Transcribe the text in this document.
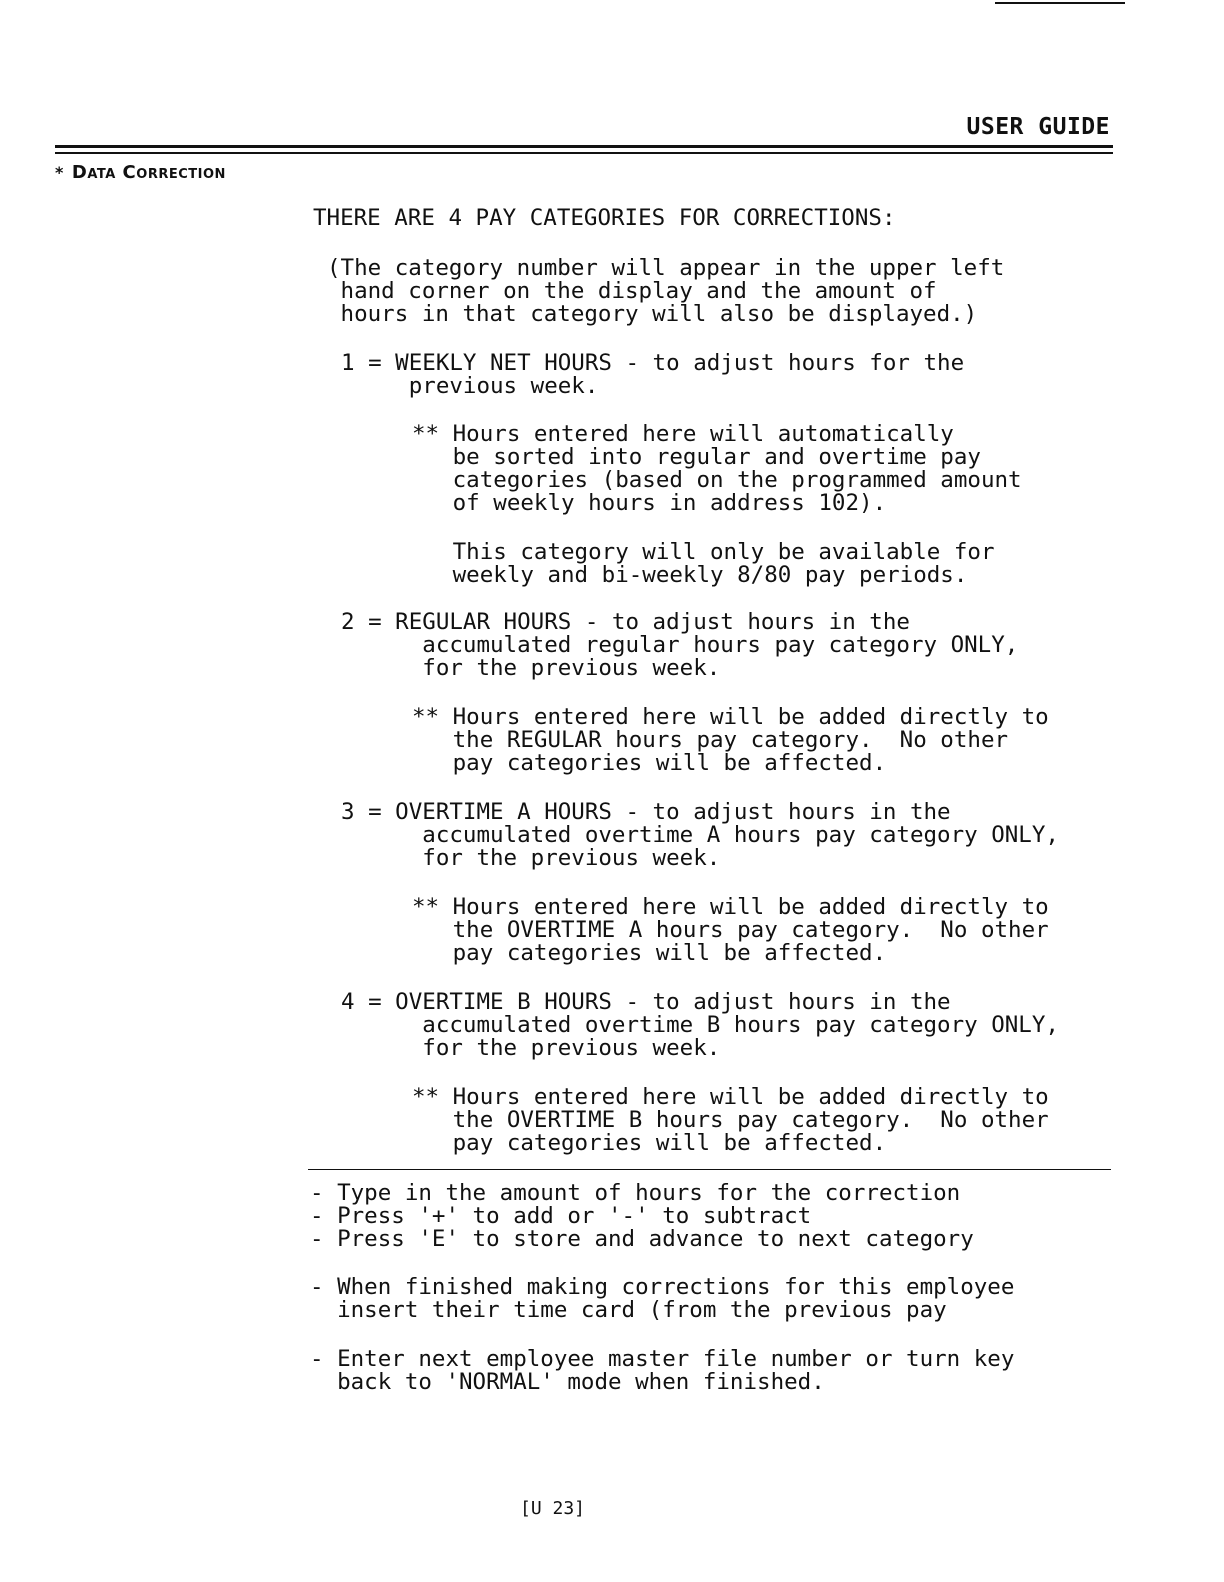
USER GUIDE
* Data Correction
THERE ARE 4 PAY CATEGORIES FOR CORRECTIONS:
(The category number will appear in the upper left
hand corner on the display and the amount of
hours in that category will also be displayed.)
1 = WEEKLY NET HOURS - to adjust hours for the
previous week.
** Hours entered here will automatically
be sorted into regular and overtime pay
categories (based on the programmed amount
of weekly hours in address 102).
This category will only be available for
weekly and bi-weekly 8/80 pay periods.
2 = REGULAR HOURS - to adjust hours in the
accumulated regular hours pay category ONLY,
for the previous week.
** Hours entered here will be added directly to
the REGULAR hours pay category.  No other
pay categories will be affected.
3 = OVERTIME A HOURS - to adjust hours in the
accumulated overtime A hours pay category ONLY,
for the previous week.
** Hours entered here will be added directly to
the OVERTIME A hours pay category.  No other
pay categories will be affected.
4 = OVERTIME B HOURS - to adjust hours in the
accumulated overtime B hours pay category ONLY,
for the previous week.
** Hours entered here will be added directly to
the OVERTIME B hours pay category.  No other
pay categories will be affected.
- Type in the amount of hours for the correction
- Press '+' to add or '-' to subtract
- Press 'E' to store and advance to next category
- When finished making corrections for this employee
insert their time card (from the previous pay
- Enter next employee master file number or turn key
back to 'NORMAL' mode when finished.
[U 23]
